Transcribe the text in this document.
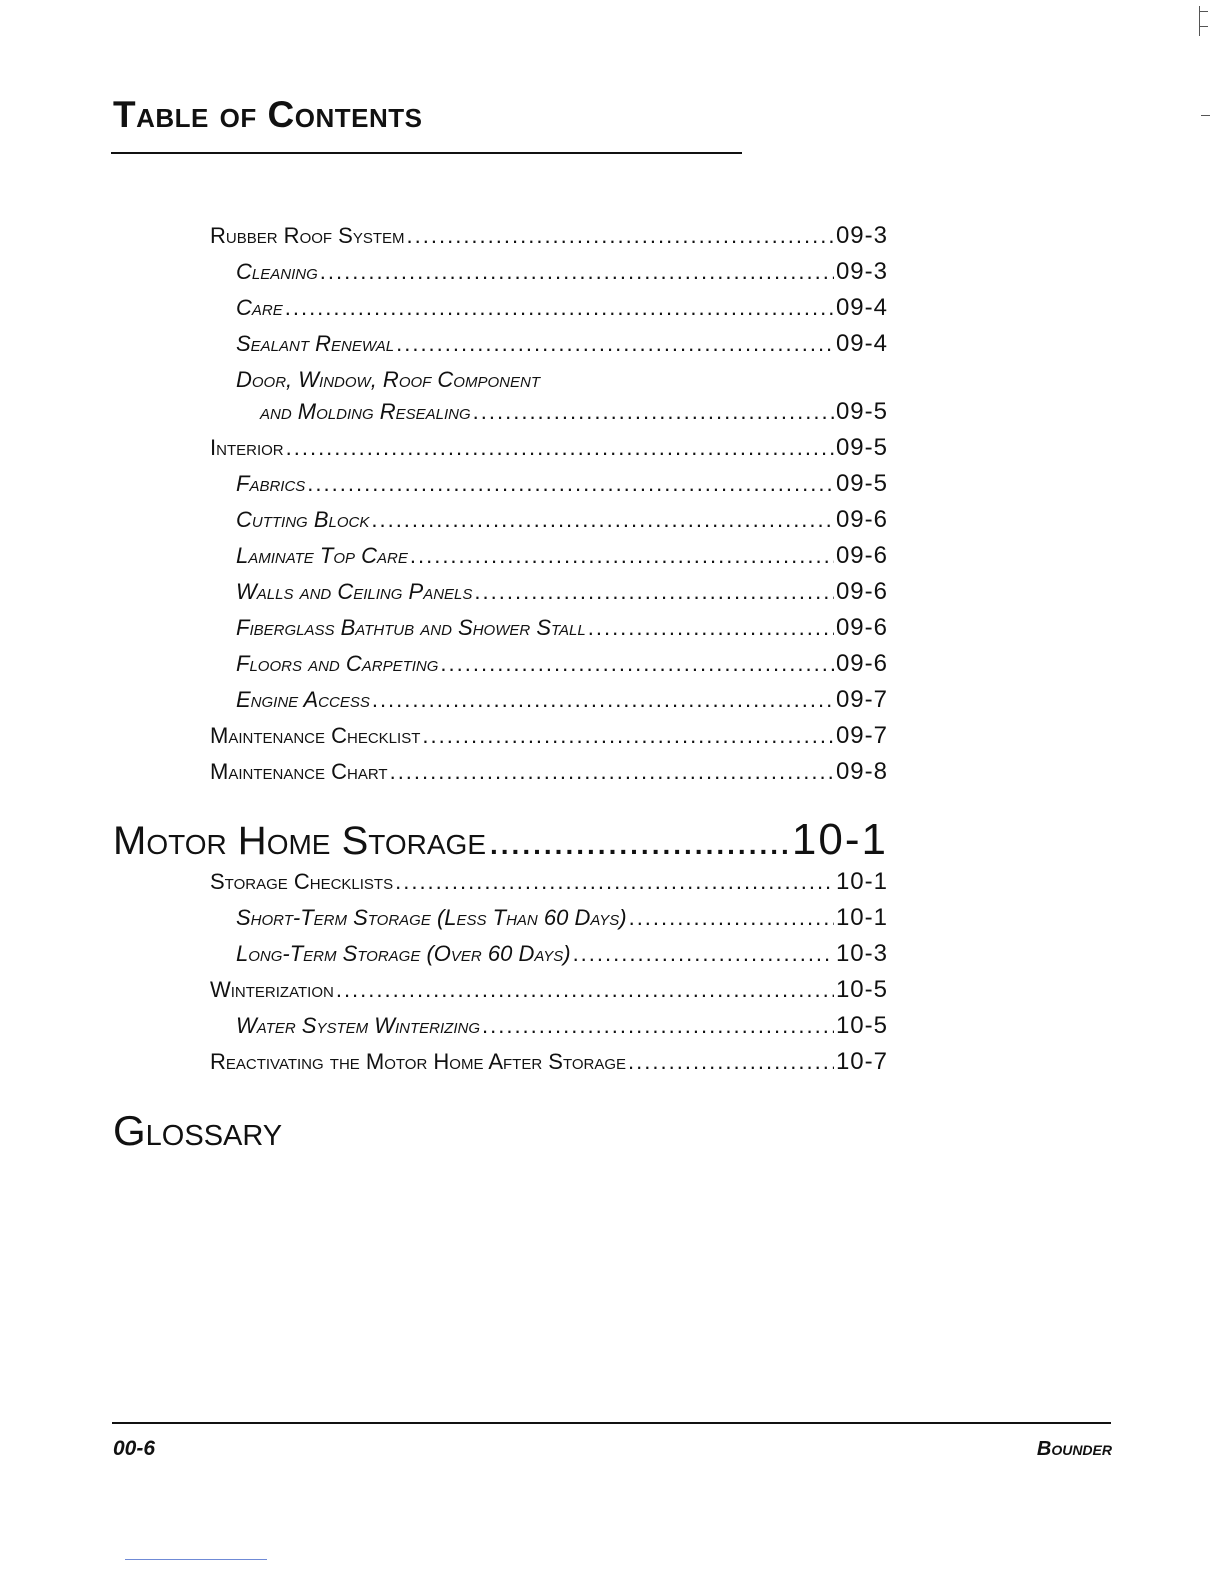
Table of Contents
Rubber Roof System .....	09-3
Cleaning .....	09-3
Care .....	09-4
Sealant Renewal .....	09-4
Door, Window, Roof Component
and Molding Resealing .....	09-5
Interior .....	09-5
Fabrics .....	09-5
Cutting Block .....	09-6
Laminate Top Care .....	09-6
Walls and Ceiling Panels .....	09-6
Fiberglass Bathtub and Shower Stall .....	09-6
Floors and Carpeting .....	09-6
Engine Access .....	09-7
Maintenance Checklist .....	09-7
Maintenance Chart .....	09-8
Motor Home Storage .....	10-1
Storage Checklists .....	10-1
Short-Term Storage (Less Than 60 Days) .....	10-1
Long-Term Storage (Over 60 Days) .....	10-3
Winterization .....	10-5
Water System Winterizing .....	10-5
Reactivating the Motor Home After Storage .....	10-7
Glossary
00-6	Bounder
